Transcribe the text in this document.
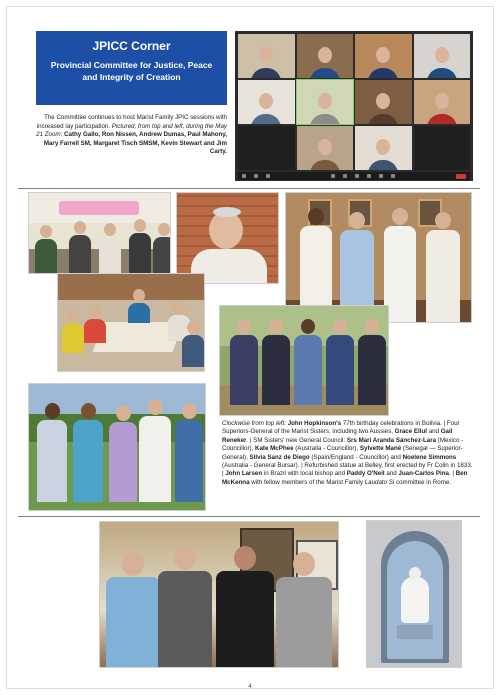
JPICC Corner
Provincial Committee for Justice, Peace and Integrity of Creation
The Committee continues to host Marist Family JPIC sessions with increased lay participation. Pictured, from top and left, during the May 21 Zoom: Cathy Gallo, Ron Nissen, Andrew Dumas, Paul Mahony, Mary Farrell SM, Margaret Tisch SMSM, Kevin Stewart and Jim Carty.
Clockwise from top left: John Hopkinson's 77th birthday celebrations in Bolivia. | Four Superiors-General of the Marist Sisters, including two Aussies, Grace Ellul and Gail Reneker. | SM Sisters' new General Council: Srs Mari Aranda Sánchez-Lara (Mexico - Councillor), Kate McPhee (Australia - Councillor), Sylvette Mané (Senegal — Superior-General), Silvia Sanz de Diego (Spain/England - Councillor) and Noelene Simmons (Australia - General Bursar). | Refurbished statue at Belley, first erected by Fr Colin in 1833. | John Larsen in Brazil with local bishop and Paddy O'Neil and Juan-Carlos Pina. | Ben McKenna with fellow members of the Marist Family Laudato Si committee in Rome.
4
